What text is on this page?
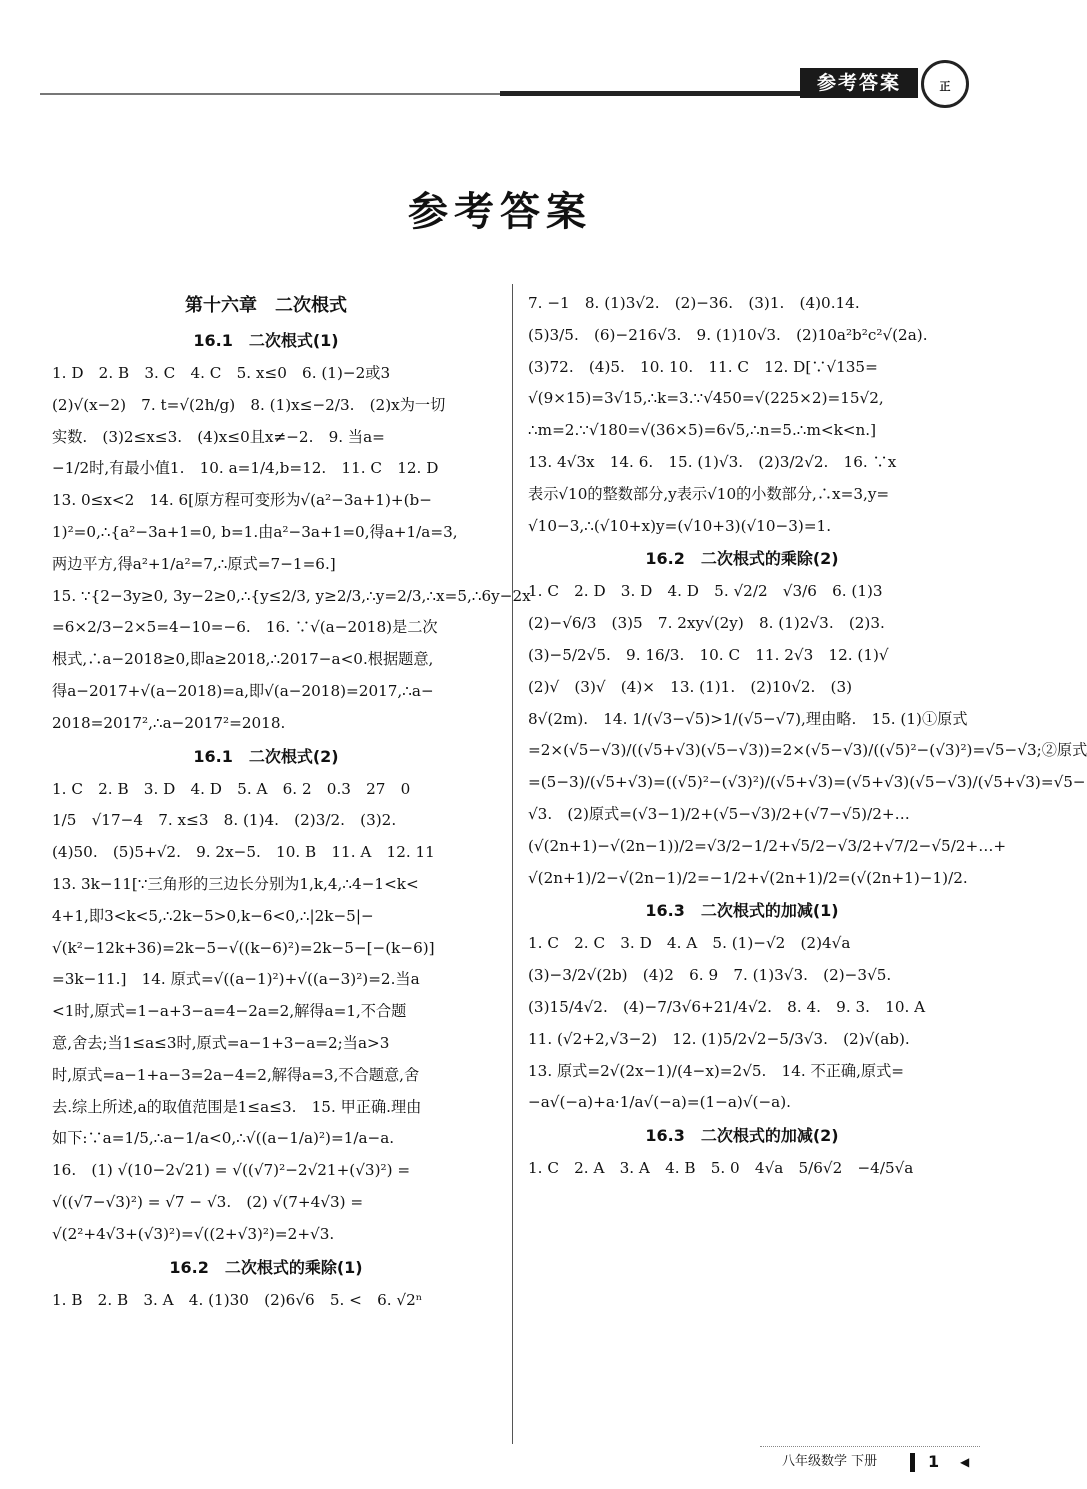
参考答案	正
参考答案
第十六章　二次根式
16.1　二次根式(1)
1. D　2. B　3. C　4. C　5. x≤0　6. (1)−2或3
(2)√(x−2)　7. t=√(2h/g)　8. (1)x≤−2/3.　(2)x为一切
实数.　(3)2≤x≤3.　(4)x≤0且x≠−2.　9. 当a=
−1/2时,有最小值1.　10. a=1/4,b=12.　11. C　12. D
13. 0≤x<2　14. 6[原方程可变形为√(a²−3a+1)+(b−
1)²=0,∴{a²−3a+1=0, b=1.由a²−3a+1=0,得a+1/a=3,
两边平方,得a²+1/a²=7,∴原式=7−1=6.]
15. ∵{2−3y≥0, 3y−2≥0,∴{y≤2/3, y≥2/3,∴y=2/3,∴x=5,∴6y−2x
=6×2/3−2×5=4−10=−6.　16. ∵√(a−2018)是二次
根式,∴a−2018≥0,即a≥2018,∴2017−a<0.根据题意,
得a−2017+√(a−2018)=a,即√(a−2018)=2017,∴a−
2018=2017²,∴a−2017²=2018.
16.1　二次根式(2)
1. C　2. B　3. D　4. D　5. A　6. 2　0.3　27　0
1/5　√17−4　7. x≤3　8. (1)4.　(2)3/2.　(3)2.
(4)50.　(5)5+√2.　9. 2x−5.　10. B　11. A　12. 11
13. 3k−11[∵三角形的三边长分别为1,k,4,∴4−1<k<
4+1,即3<k<5,∴2k−5>0,k−6<0,∴|2k−5|−
√(k²−12k+36)=2k−5−√((k−6)²)=2k−5−[−(k−6)]
=3k−11.]　14. 原式=√((a−1)²)+√((a−3)²)=2.当a
<1时,原式=1−a+3−a=4−2a=2,解得a=1,不合题
意,舍去;当1≤a≤3时,原式=a−1+3−a=2;当a>3
时,原式=a−1+a−3=2a−4=2,解得a=3,不合题意,舍
去.综上所述,a的取值范围是1≤a≤3.　15. 甲正确.理由
如下:∵a=1/5,∴a−1/a<0,∴√((a−1/a)²)=1/a−a.
16.　(1) √(10−2√21) = √((√7)²−2√21+(√3)²) =
√((√7−√3)²) = √7 − √3.　(2) √(7+4√3) =
√(2²+4√3+(√3)²)=√((2+√3)²)=2+√3.
16.2　二次根式的乘除(1)
1. B　2. B　3. A　4. (1)30　(2)6√6　5. <　6. √2ⁿ
7. −1　8. (1)3√2.　(2)−36.　(3)1.　(4)0.14.
(5)3/5.　(6)−216√3.　9. (1)10√3.　(2)10a²b²c²√(2a).
(3)72.　(4)5.　10. 10.　11. C　12. D[∵√135=
√(9×15)=3√15,∴k=3.∵√450=√(225×2)=15√2,
∴m=2.∵√180=√(36×5)=6√5,∴n=5.∴m<k<n.]
13. 4√3x　14. 6.　15. (1)√3.　(2)3/2√2.　16. ∵x
表示√10的整数部分,y表示√10的小数部分,∴x=3,y=
√10−3,∴(√10+x)y=(√10+3)(√10−3)=1.
16.2　二次根式的乘除(2)
1. C　2. D　3. D　4. D　5. √2/2　√3/6　6. (1)3
(2)−√6/3　(3)5　7. 2xy√(2y)　8. (1)2√3.　(2)3.
(3)−5/2√5.　9. 16/3.　10. C　11. 2√3　12. (1)√
(2)√　(3)√　(4)×　13. (1)1.　(2)10√2.　(3)
8√(2m).　14. 1/(√3−√5)>1/(√5−√7),理由略.　15. (1)①原式
=2×(√5−√3)/((√5+√3)(√5−√3))=2×(√5−√3)/((√5)²−(√3)²)=√5−√3;②原式
=(5−3)/(√5+√3)=((√5)²−(√3)²)/(√5+√3)=(√5+√3)(√5−√3)/(√5+√3)=√5−
√3.　(2)原式=(√3−1)/2+(√5−√3)/2+(√7−√5)/2+…
(√(2n+1)−√(2n−1))/2=√3/2−1/2+√5/2−√3/2+√7/2−√5/2+…+
√(2n+1)/2−√(2n−1)/2=−1/2+√(2n+1)/2=(√(2n+1)−1)/2.
16.3　二次根式的加减(1)
1. C　2. C　3. D　4. A　5. (1)−√2　(2)4√a
(3)−3/2√(2b)　(4)2　6. 9　7. (1)3√3.　(2)−3√5.
(3)15/4√2.　(4)−7/3√6+21/4√2.　8. 4.　9. 3.　10. A
11. (√2+2,√3−2)　12. (1)5/2√2−5/3√3.　(2)√(ab).
13. 原式=2√(2x−1)/(4−x)=2√5.　14. 不正确,原式=
−a√(−a)+a·1/a√(−a)=(1−a)√(−a).
16.3　二次根式的加减(2)
1. C　2. A　3. A　4. B　5. 0　4√a　5/6√2　−4/5√a
八年级数学 下册	1 ◀
